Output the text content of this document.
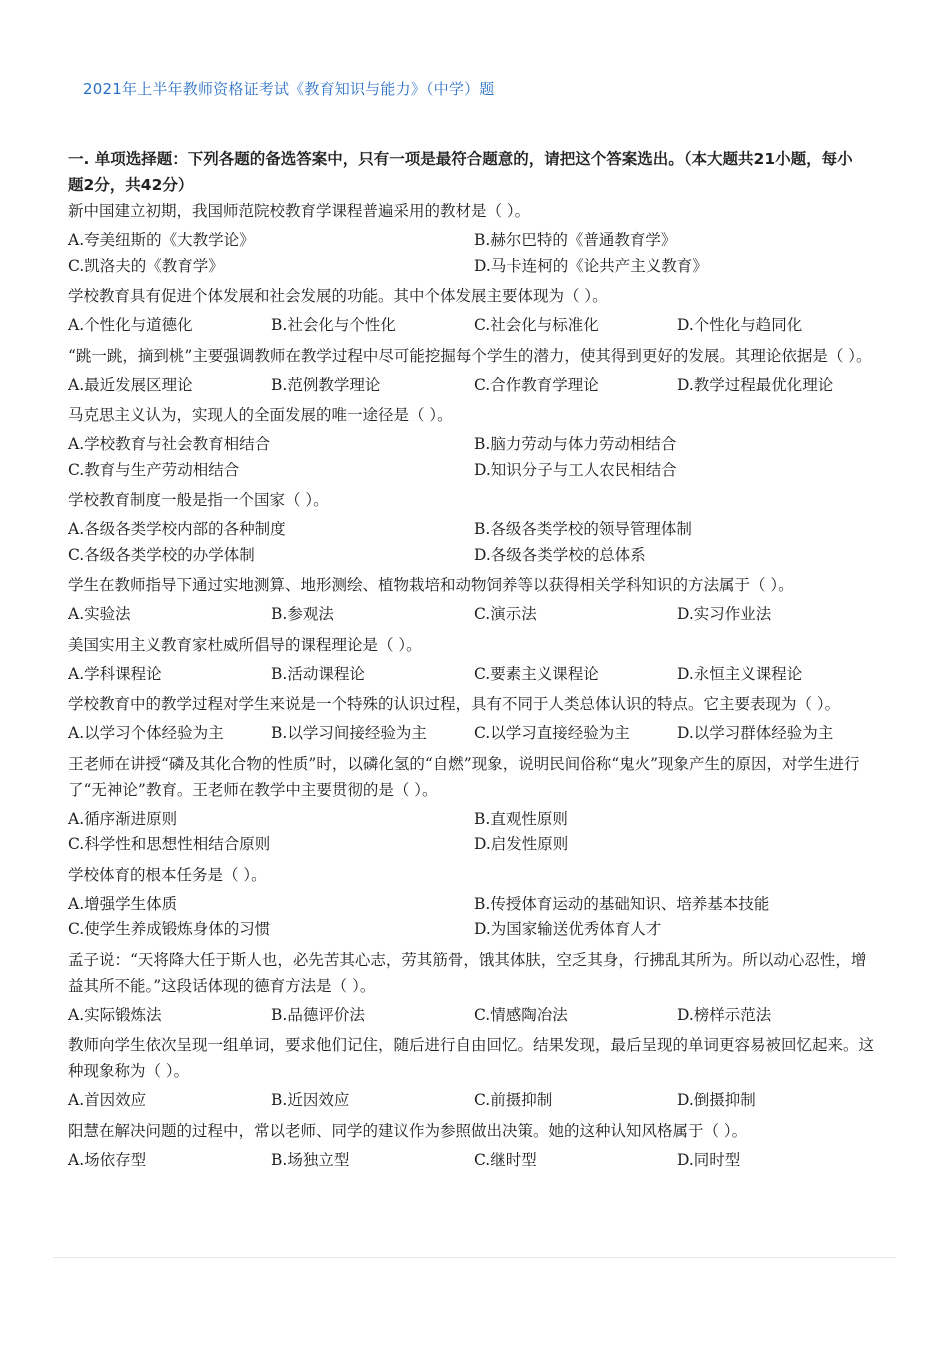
2021年上半年教师资格证考试《教育知识与能力》（中学）题
一. 单项选择题：下列各题的备选答案中，只有一项是最符合题意的，请把这个答案选出。（本大题共21小题，每小题2分，共42分）
新中国建立初期，我国师范院校教育学课程普遍采用的教材是（ ）。
A.夸美纽斯的《大教学论》	B.赫尔巴特的《普通教育学》
C.凯洛夫的《教育学》	D.马卡连柯的《论共产主义教育》
学校教育具有促进个体发展和社会发展的功能。其中个体发展主要体现为（ ）。
A.个性化与道德化	B.社会化与个性化	C.社会化与标准化	D.个性化与趋同化
“跳一跳，摘到桃”主要强调教师在教学过程中尽可能挖掘每个学生的潜力，使其得到更好的发展。其理论依据是（ ）。
A.最近发展区理论	B.范例教学理论	C.合作教育学理论	D.教学过程最优化理论
马克思主义认为，实现人的全面发展的唯一途径是（ ）。
A.学校教育与社会教育相结合	B.脑力劳动与体力劳动相结合
C.教育与生产劳动相结合	D.知识分子与工人农民相结合
学校教育制度一般是指一个国家（ ）。
A.各级各类学校内部的各种制度	B.各级各类学校的领导管理体制
C.各级各类学校的办学体制	D.各级各类学校的总体系
学生在教师指导下通过实地测算、地形测绘、植物栽培和动物饲养等以获得相关学科知识的方法属于（ ）。
A.实验法	B.参观法	C.演示法	D.实习作业法
美国实用主义教育家杜威所倡导的课程理论是（ ）。
A.学科课程论	B.活动课程论	C.要素主义课程论	D.永恒主义课程论
学校教育中的教学过程对学生来说是一个特殊的认识过程，具有不同于人类总体认识的特点。它主要表现为（ ）。
A.以学习个体经验为主	B.以学习间接经验为主	C.以学习直接经验为主	D.以学习群体经验为主
王老师在讲授“磷及其化合物的性质”时，以磷化氢的“自燃”现象，说明民间俗称“鬼火”现象产生的原因，对学生进行了“无神论”教育。王老师在教学中主要贯彻的是（ ）。
A.循序渐进原则	B.直观性原则
C.科学性和思想性相结合原则	D.启发性原则
学校体育的根本任务是（ ）。
A.增强学生体质	B.传授体育运动的基础知识、培养基本技能
C.使学生养成锻炼身体的习惯	D.为国家输送优秀体育人才
孟子说：“天将降大任于斯人也，必先苦其心志，劳其筋骨，饿其体肤，空乏其身，行拂乱其所为。所以动心忍性，增益其所不能。”这段话体现的德育方法是（ ）。
A.实际锻炼法	B.品德评价法	C.情感陶冶法	D.榜样示范法
教师向学生依次呈现一组单词，要求他们记住，随后进行自由回忆。结果发现，最后呈现的单词更容易被回忆起来。这种现象称为（ ）。
A.首因效应	B.近因效应	C.前摄抑制	D.倒摄抑制
阳慧在解决问题的过程中，常以老师、同学的建议作为参照做出决策。她的这种认知风格属于（ ）。
A.场依存型	B.场独立型	C.继时型	D.同时型
